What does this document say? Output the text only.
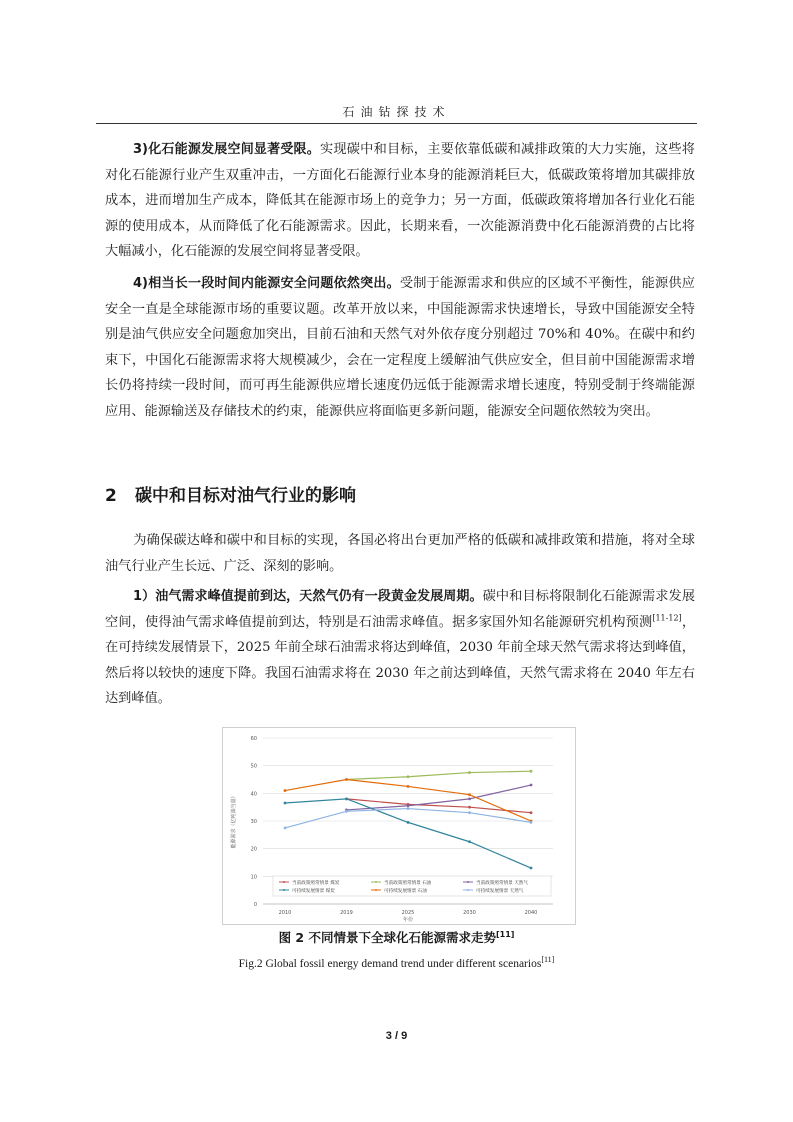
石油钻探技术

3)化石能源发展空间显著受限。实现碳中和目标，主要依靠低碳和减排政策的大力实施，这些将对化石能源行业产生双重冲击，一方面化石能源行业本身的能源消耗巨大，低碳政策将增加其碳排放成本，进而增加生产成本，降低其在能源市场上的竞争力；另一方面，低碳政策将增加各行业化石能源的使用成本，从而降低了化石能源需求。因此，长期来看，一次能源消费中化石能源消费的占比将大幅减小，化石能源的发展空间将显著受限。

4)相当长一段时间内能源安全问题依然突出。受制于能源需求和供应的区域不平衡性，能源供应安全一直是全球能源市场的重要议题。改革开放以来，中国能源需求快速增长，导致中国能源安全特别是油气供应安全问题愈加突出，目前石油和天然气对外依存度分别超过 70%和 40%。在碳中和约束下，中国化石能源需求将大规模减少，会在一定程度上缓解油气供应安全，但目前中国能源需求增长仍将持续一段时间，而可再生能源供应增长速度仍远低于能源需求增长速度，特别受制于终端能源应用、能源输送及存储技术的约束，能源供应将面临更多新问题，能源安全问题依然较为突出。

2 碳中和目标对油气行业的影响

为确保碳达峰和碳中和目标的实现，各国必将出台更加严格的低碳和减排政策和措施，将对全球油气行业产生长远、广泛、深刻的影响。

1）油气需求峰值提前到达，天然气仍有一段黄金发展周期。碳中和目标将限制化石能源需求发展空间，使得油气需求峰值提前到达，特别是石油需求峰值。据多家国外知名能源研究机构预测[11-12]，在可持续发展情景下，2025 年前全球石油需求将达到峰值，2030 年前全球天然气需求将达到峰值，然后将以较快的速度下降。我国石油需求将在 2030 年之前达到峰值，天然气需求将在 2040 年左右达到峰值。

0
10
20
30
40
50
60
2010	2019	2025	2030	2040
年份
能源需求（亿吨油当量）
当前政策照常情景 煤炭	当前政策照常情景 石油	当前政策照常情景 天然气
可持续发展情景 煤炭	可持续发展情景 石油	可持续发展情景 天然气
图 2 不同情景下全球化石能源需求走势[11]
Fig.2 Global fossil energy demand trend under different scenarios[11]
3 / 9
